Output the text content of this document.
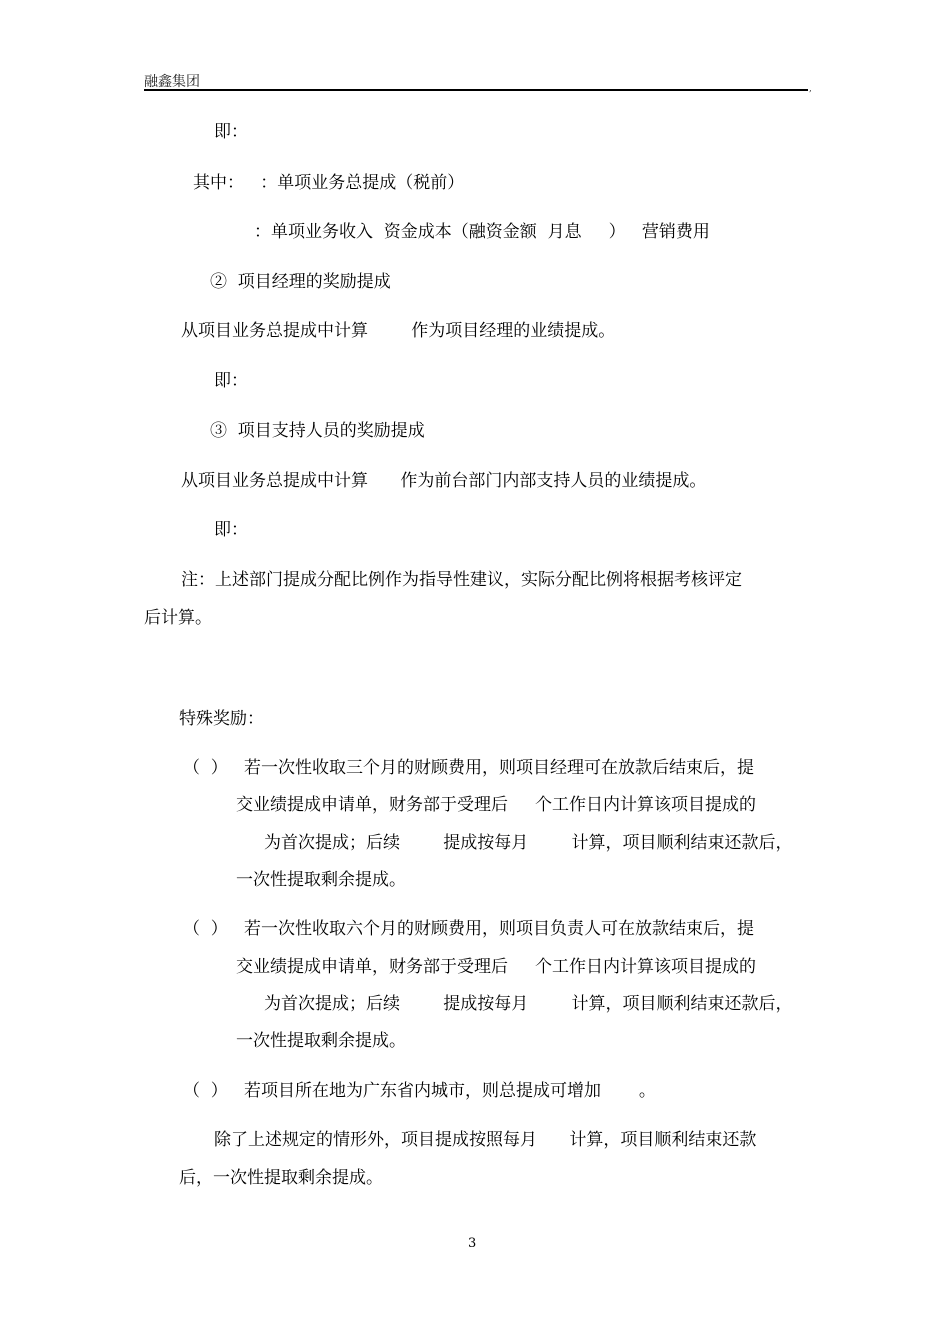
融鑫集团	,
即：
其中：   ：单项业务总提成（税前）
：单项业务收入  资金成本（融资金额  月息     ）   营销费用
②  项目经理的奖励提成
从项目业务总提成中计算        作为项目经理的业绩提成。
即：
③  项目支持人员的奖励提成
从项目业务总提成中计算      作为前台部门内部支持人员的业绩提成。
即：
注：上述部门提成分配比例作为指导性建议，实际分配比例将根据考核评定
后计算。
特殊奖励：
（  ）   若一次性收取三个月的财顾费用，则项目经理可在放款后结束后，提
交业绩提成申请单，财务部于受理后     个工作日内计算该项目提成的
为首次提成；后续        提成按每月        计算，项目顺利结束还款后，
一次性提取剩余提成。
（  ）   若一次性收取六个月的财顾费用，则项目负责人可在放款结束后，提
交业绩提成申请单，财务部于受理后     个工作日内计算该项目提成的
为首次提成；后续        提成按每月        计算，项目顺利结束还款后，
一次性提取剩余提成。
（  ）   若项目所在地为广东省内城市，则总提成可增加       。
除了上述规定的情形外，项目提成按照每月      计算，项目顺利结束还款
后，一次性提取剩余提成。
3
